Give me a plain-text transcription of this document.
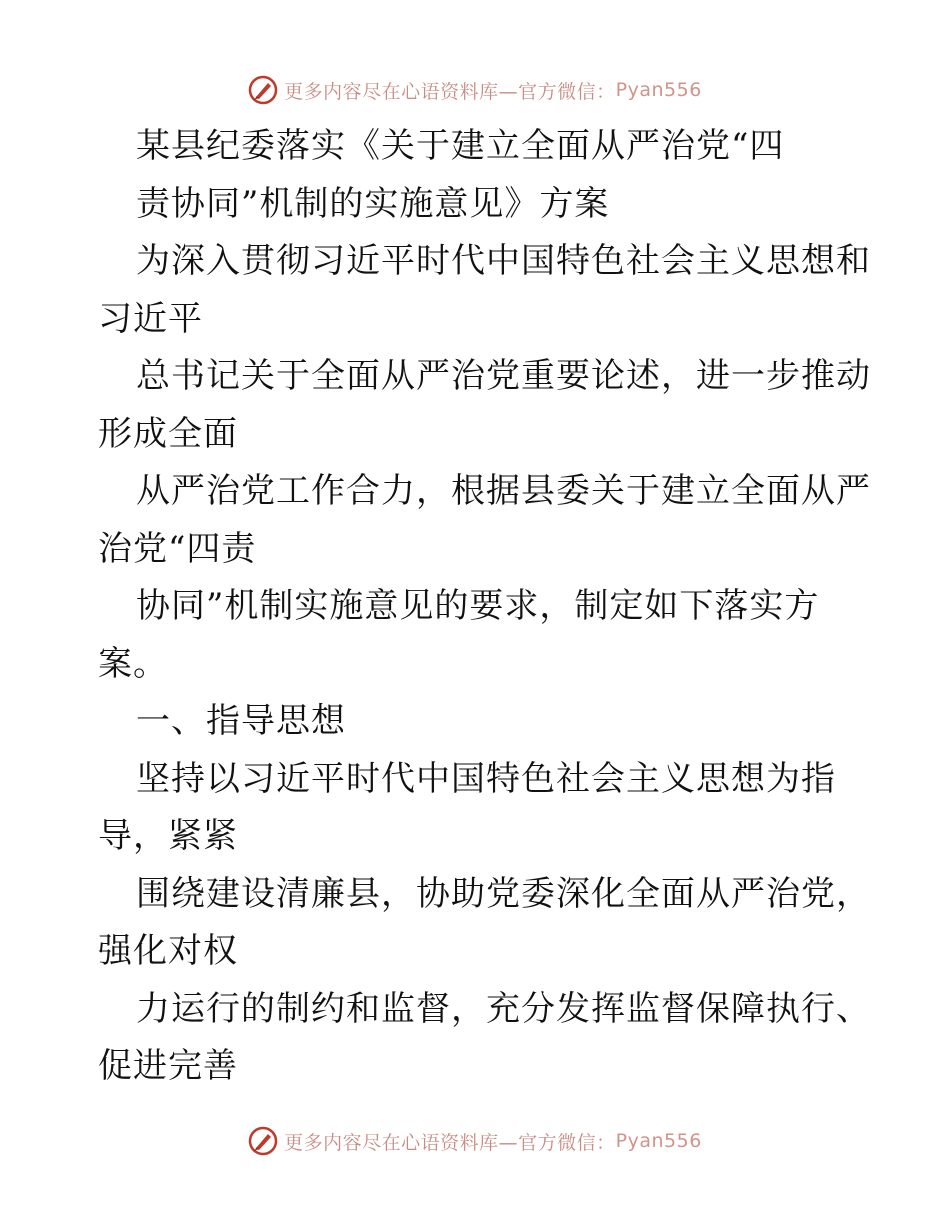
更多内容尽在心语资料库—官方微信： Pyan556
某县纪委落实《关于建立全面从严治党“四
责协同”机制的实施意见》方案
为深入贯彻习近平时代中国特色社会主义思想和
习近平
总书记关于全面从严治党重要论述，进一步推动
形成全面
从严治党工作合力，根据县委关于建立全面从严
治党“四责
协同”机制实施意见的要求，制定如下落实方
案。
一、指导思想
坚持以习近平时代中国特色社会主义思想为指
导，紧紧
围绕建设清廉县，协助党委深化全面从严治党，
强化对权
力运行的制约和监督，充分发挥监督保障执行、
促进完善
更多内容尽在心语资料库—官方微信： Pyan556
